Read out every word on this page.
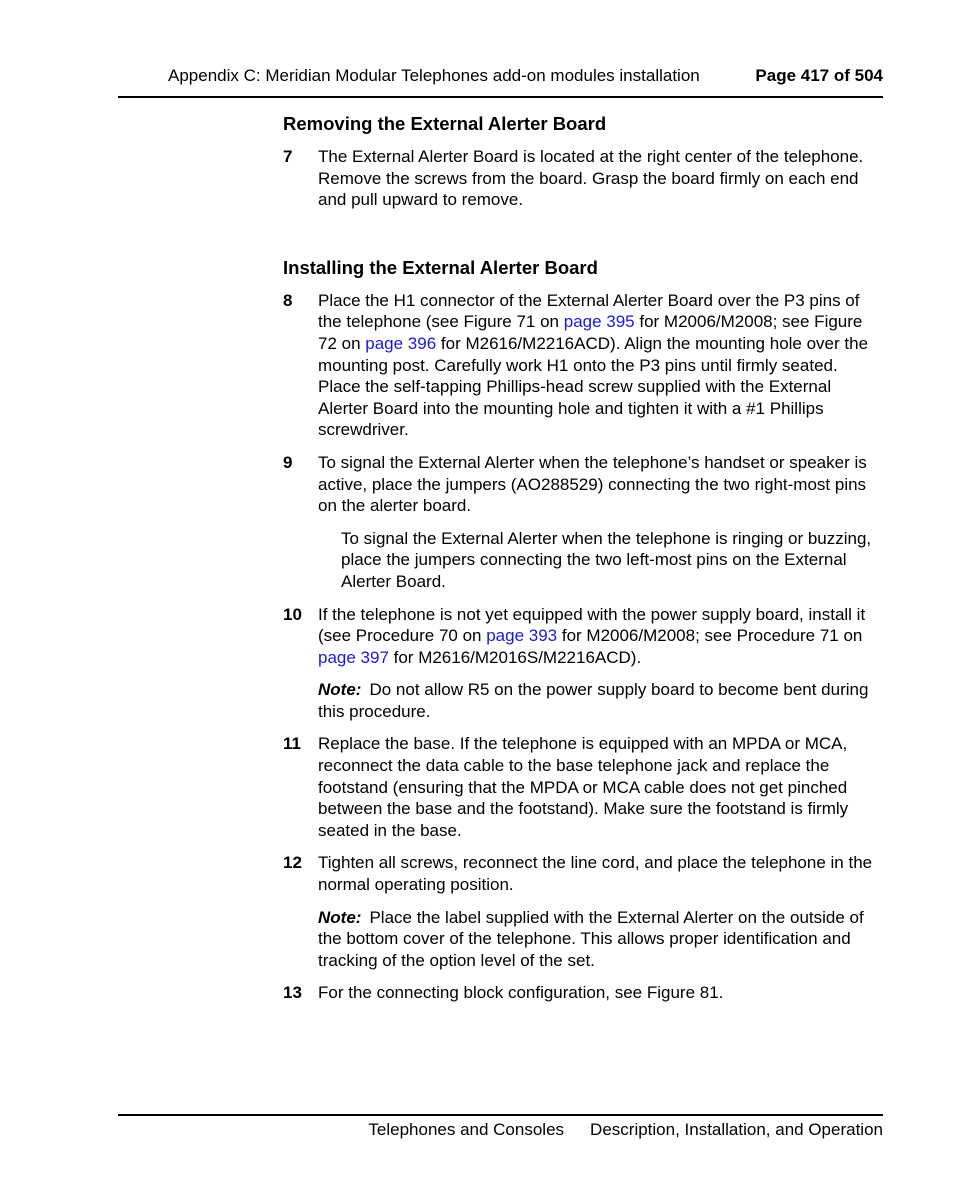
Appendix C: Meridian Modular Telephones add-on modules installation	Page 417 of 504
Removing the External Alerter Board
7	The External Alerter Board is located at the right center of the telephone. Remove the screws from the board. Grasp the board firmly on each end and pull upward to remove.
Installing the External Alerter Board
8	Place the H1 connector of the External Alerter Board over the P3 pins of the telephone (see Figure 71 on page 395 for M2006/M2008; see Figure 72 on page 396 for M2616/M2216ACD). Align the mounting hole over the mounting post. Carefully work H1 onto the P3 pins until firmly seated. Place the self-tapping Phillips-head screw supplied with the External Alerter Board into the mounting hole and tighten it with a #1 Phillips screwdriver.
9	To signal the External Alerter when the telephone’s handset or speaker is active, place the jumpers (AO288529) connecting the two right-most pins on the alerter board.
To signal the External Alerter when the telephone is ringing or buzzing, place the jumpers connecting the two left-most pins on the External Alerter Board.
10 If the telephone is not yet equipped with the power supply board, install it (see Procedure 70 on page 393 for M2006/M2008; see Procedure 71 on page 397 for M2616/M2016S/M2216ACD).
Note: Do not allow R5 on the power supply board to become bent during this procedure.
11	Replace the base. If the telephone is equipped with an MPDA or MCA, reconnect the data cable to the base telephone jack and replace the footstand (ensuring that the MPDA or MCA cable does not get pinched between the base and the footstand). Make sure the footstand is firmly seated in the base.
12 Tighten all screws, reconnect the line cord, and place the telephone in the normal operating position.
Note: Place the label supplied with the External Alerter on the outside of the bottom cover of the telephone. This allows proper identification and tracking of the option level of the set.
13 For the connecting block configuration, see Figure 81.
Telephones and Consoles Description, Installation, and Operation
